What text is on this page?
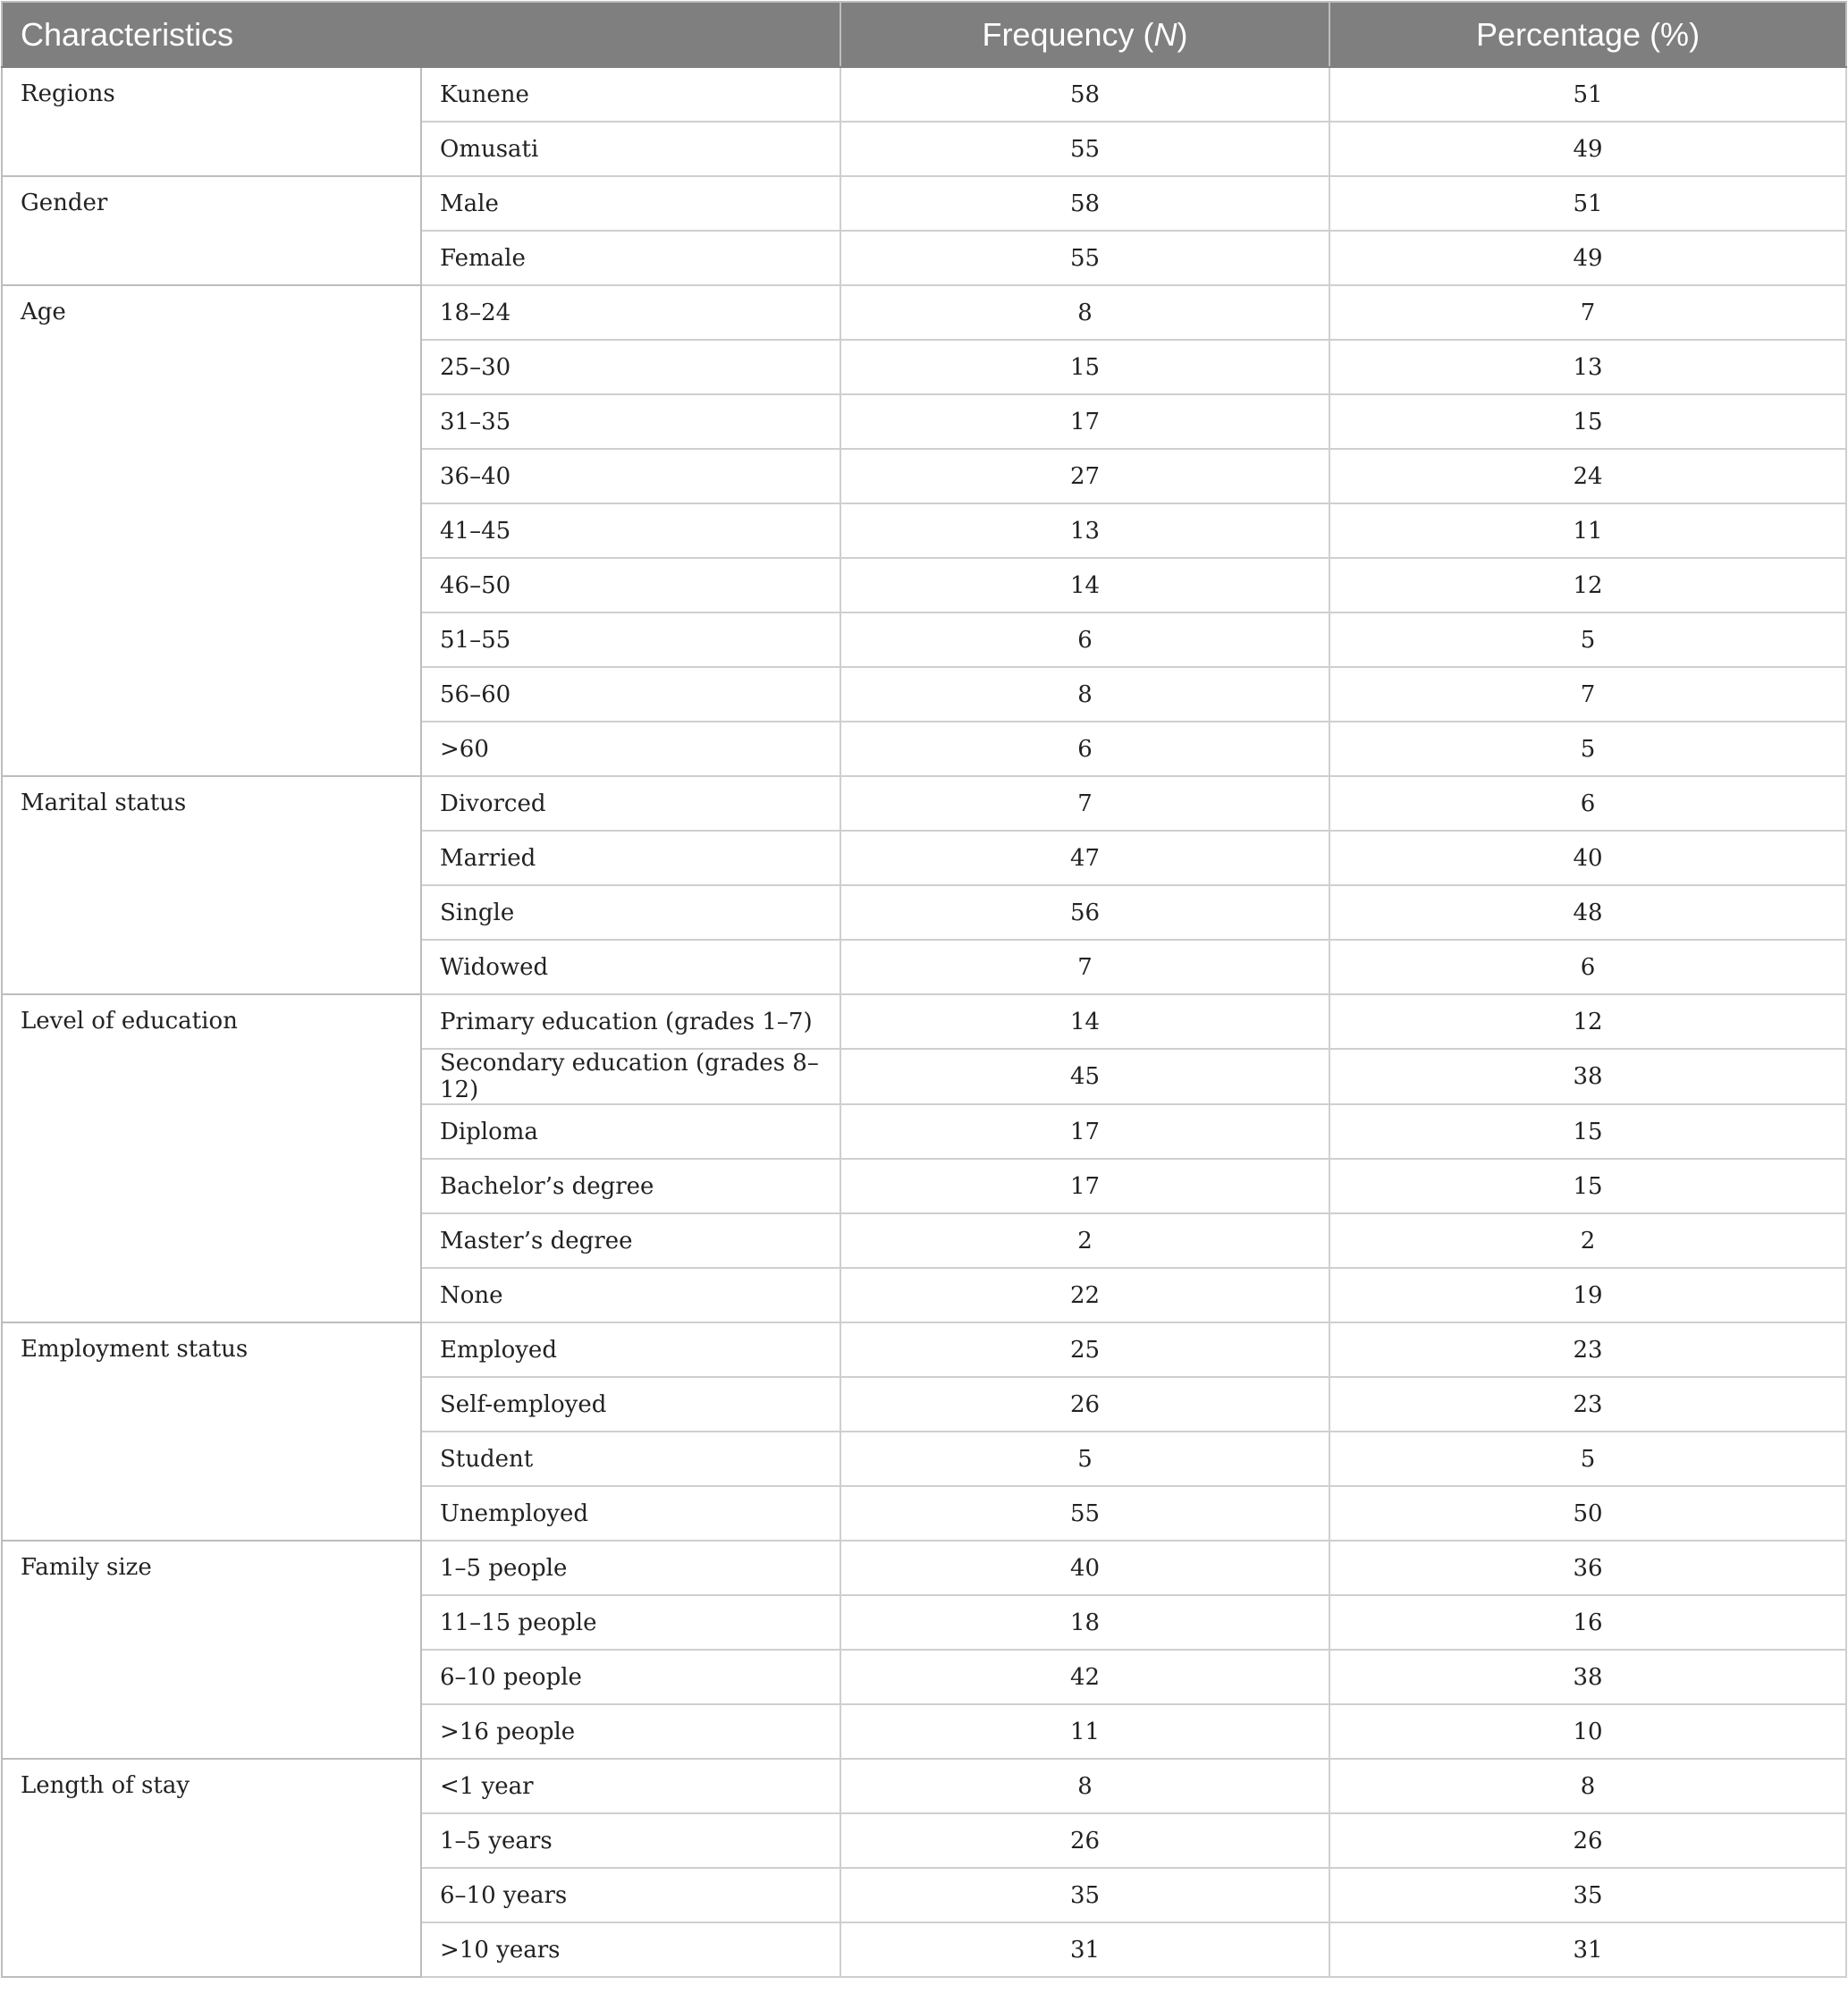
Characteristics		Frequency (N)	Percentage (%)
Regions	Kunene	58	51
	Omusati	55	49
Gender	Male	58	51
	Female	55	49
Age	18–24	8	7
	25–30	15	13
	31–35	17	15
	36–40	27	24
	41–45	13	11
	46–50	14	12
	51–55	6	5
	56–60	8	7
	>60	6	5
Marital status	Divorced	7	6
	Married	47	40
	Single	56	48
	Widowed	7	6
Level of education	Primary education (grades 1–7)	14	12
	Secondary education (grades 8–12)	45	38
	Diploma	17	15
	Bachelor’s degree	17	15
	Master’s degree	2	2
	None	22	19
Employment status	Employed	25	23
	Self-employed	26	23
	Student	5	5
	Unemployed	55	50
Family size	1–5 people	40	36
	11–15 people	18	16
	6–10 people	42	38
	>16 people	11	10
Length of stay	<1 year	8	8
	1–5 years	26	26
	6–10 years	35	35
	>10 years	31	31
